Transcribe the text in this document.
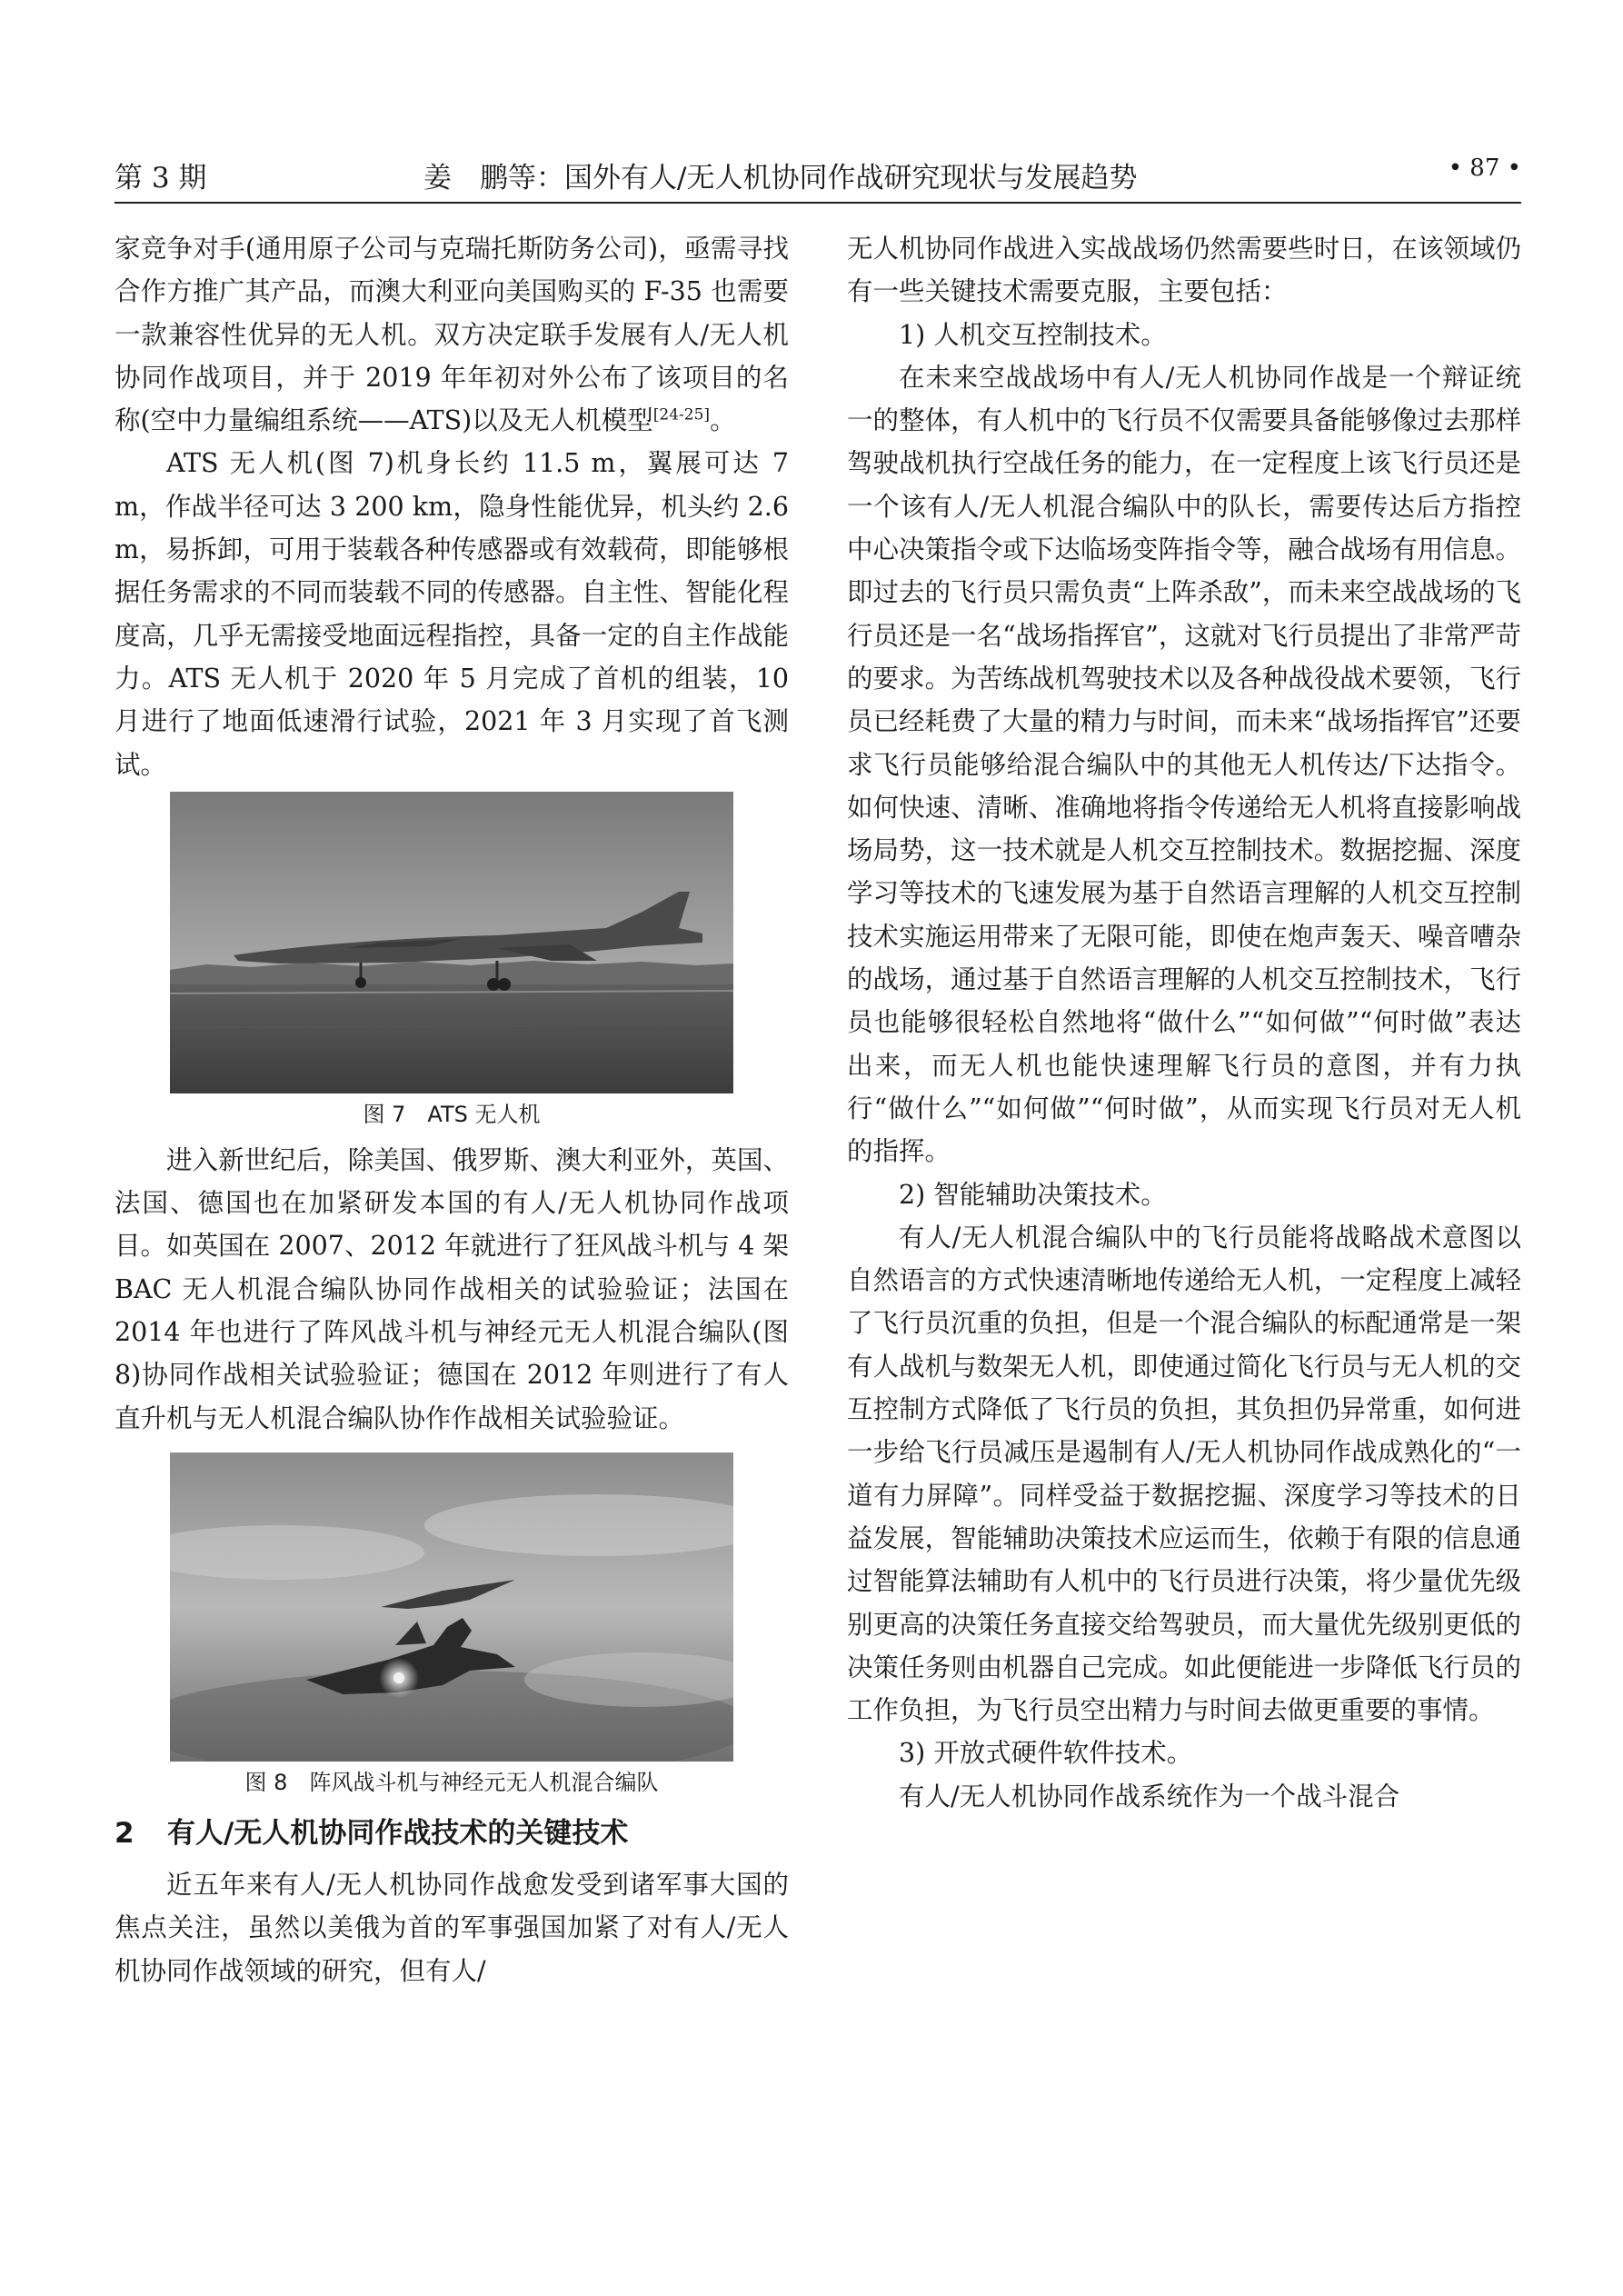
第 3 期	姜　鹏等：国外有人/无人机协同作战研究现状与发展趋势	• 87 •

家竞争对手(通用原子公司与克瑞托斯防务公司)，亟需寻找合作方推广其产品，而澳大利亚向美国购买的 F-35 也需要一款兼容性优异的无人机。双方决定联手发展有人/无人机协同作战项目，并于 2019 年年初对外公布了该项目的名称(空中力量编组系统——ATS)以及无人机模型[24-25]。

ATS 无人机(图 7)机身长约 11.5 m，翼展可达 7 m，作战半径可达 3 200 km，隐身性能优异，机头约 2.6 m，易拆卸，可用于装载各种传感器或有效载荷，即能够根据任务需求的不同而装载不同的传感器。自主性、智能化程度高，几乎无需接受地面远程指控，具备一定的自主作战能力。ATS 无人机于 2020 年 5 月完成了首机的组装，10 月进行了地面低速滑行试验，2021 年 3 月实现了首飞测试。

图 7　ATS 无人机

进入新世纪后，除美国、俄罗斯、澳大利亚外，英国、法国、德国也在加紧研发本国的有人/无人机协同作战项目。如英国在 2007、2012 年就进行了狂风战斗机与 4 架 BAC 无人机混合编队协同作战相关的试验验证；法国在 2014 年也进行了阵风战斗机与神经元无人机混合编队(图 8)协同作战相关试验验证；德国在 2012 年则进行了有人直升机与无人机混合编队协作作战相关试验验证。

图 8　阵风战斗机与神经元无人机混合编队
2 有人/无人机协同作战技术的关键技术

近五年来有人/无人机协同作战愈发受到诸军事大国的焦点关注，虽然以美俄为首的军事强国加紧了对有人/无人机协同作战领域的研究，但有人/

无人机协同作战进入实战战场仍然需要些时日，在该领域仍有一些关键技术需要克服，主要包括：

1) 人机交互控制技术。

在未来空战战场中有人/无人机协同作战是一个辩证统一的整体，有人机中的飞行员不仅需要具备能够像过去那样驾驶战机执行空战任务的能力，在一定程度上该飞行员还是一个该有人/无人机混合编队中的队长，需要传达后方指控中心决策指令或下达临场变阵指令等，融合战场有用信息。即过去的飞行员只需负责“上阵杀敌”，而未来空战战场的飞行员还是一名“战场指挥官”，这就对飞行员提出了非常严苛的要求。为苦练战机驾驶技术以及各种战役战术要领，飞行员已经耗费了大量的精力与时间，而未来“战场指挥官”还要求飞行员能够给混合编队中的其他无人机传达/下达指令。如何快速、清晰、准确地将指令传递给无人机将直接影响战场局势，这一技术就是人机交互控制技术。数据挖掘、深度学习等技术的飞速发展为基于自然语言理解的人机交互控制技术实施运用带来了无限可能，即使在炮声轰天、噪音嘈杂的战场，通过基于自然语言理解的人机交互控制技术，飞行员也能够很轻松自然地将“做什么”“如何做”“何时做”表达出来，而无人机也能快速理解飞行员的意图，并有力执行“做什么”“如何做”“何时做”，从而实现飞行员对无人机的指挥。

2) 智能辅助决策技术。

有人/无人机混合编队中的飞行员能将战略战术意图以自然语言的方式快速清晰地传递给无人机，一定程度上减轻了飞行员沉重的负担，但是一个混合编队的标配通常是一架有人战机与数架无人机，即使通过简化飞行员与无人机的交互控制方式降低了飞行员的负担，其负担仍异常重，如何进一步给飞行员减压是遏制有人/无人机协同作战成熟化的“一道有力屏障”。同样受益于数据挖掘、深度学习等技术的日益发展，智能辅助决策技术应运而生，依赖于有限的信息通过智能算法辅助有人机中的飞行员进行决策，将少量优先级别更高的决策任务直接交给驾驶员，而大量优先级别更低的决策任务则由机器自己完成。如此便能进一步降低飞行员的工作负担，为飞行员空出精力与时间去做更重要的事情。

3) 开放式硬件软件技术。

有人/无人机协同作战系统作为一个战斗混合
